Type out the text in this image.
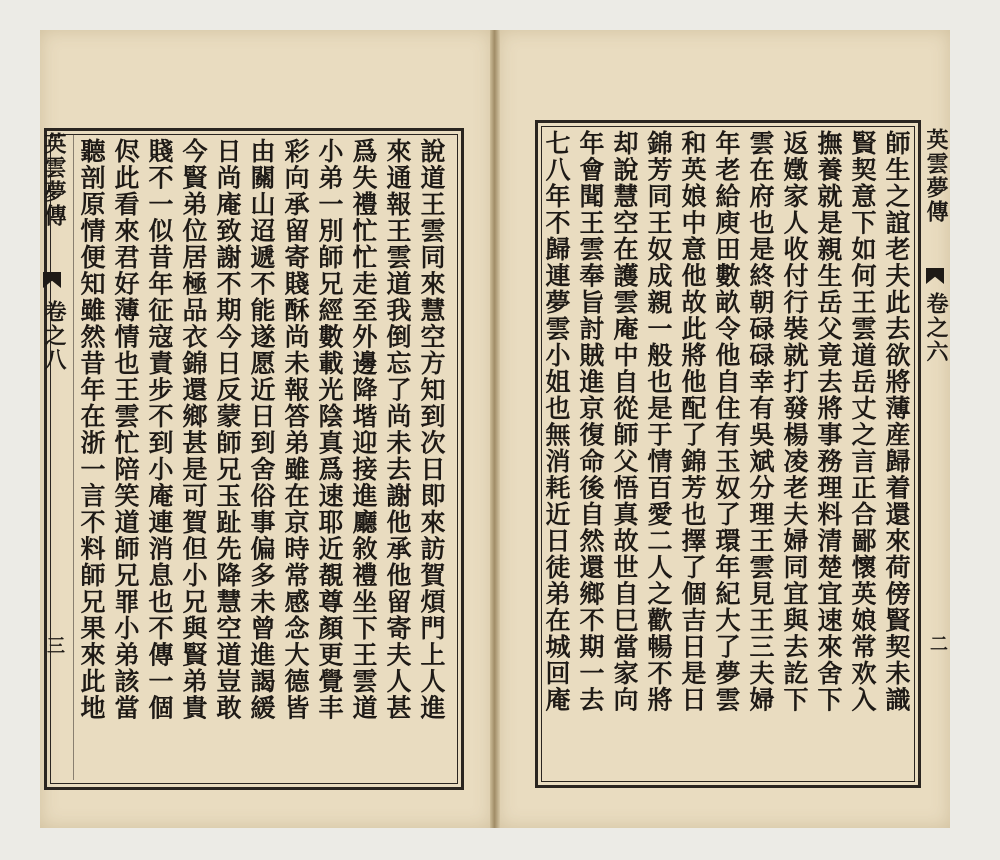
英雲夢傳
卷之八
三
英雲夢傳
卷之六
二
說道王雲同來慧空方知到次日即來訪賀煩門上人進
來通報王雲道我倒忘了尚未去謝他承他留寄夫人甚
爲失禮忙忙走至外邊降堦迎接進廳敘禮坐下王雲道
小弟一別師兄經數載光陰真爲速耶近覩尊顏更覺丰
彩向承留寄賤酥尚未報答弟雖在京時常感念大德皆
由關山迢遞不能遂愿近日到舍俗事偏多未曾進謁緩
日尚庵致謝不期今日反蒙師兄玉趾先降慧空道豈敢
今賢弟位居極品衣錦還鄉甚是可賀但小兄與賢弟貴
賤不一似昔年征寇責步不到小庵連消息也不傳一個
侭此看來君好薄情也王雲忙陪笑道師兄罪小弟該當
聽剖原情便知雖然昔年在浙一言不料師兄果來此地	師生之誼老夫此去欲將薄産歸着還來荷傍賢契未識
賢契意下如何王雲道岳丈之言正合鄙懷英娘常欢入
撫養就是親生岳父竟去將事務理料清楚宜速來舍下
返嬍家人收付行裝就打發楊凌老夫婦同宜與去訖下
雲在府也是終朝碌碌幸有吳斌分理王雲見王三夫婦
年老給庾田數畝令他自住有玉奴了環年紀大了夢雲
和英娘中意他故此將他配了錦芳也擇了個吉日是日
錦芳同王奴成親一般也是于情百愛二人之歡暢不將
却說慧空在護雲庵中自從師父悟真故世自巳當家向
年會聞王雲奉旨討賊進京復命後自然還鄉不期一去
七八年不歸連夢雲小姐也無消耗近日徒弟在城回庵
